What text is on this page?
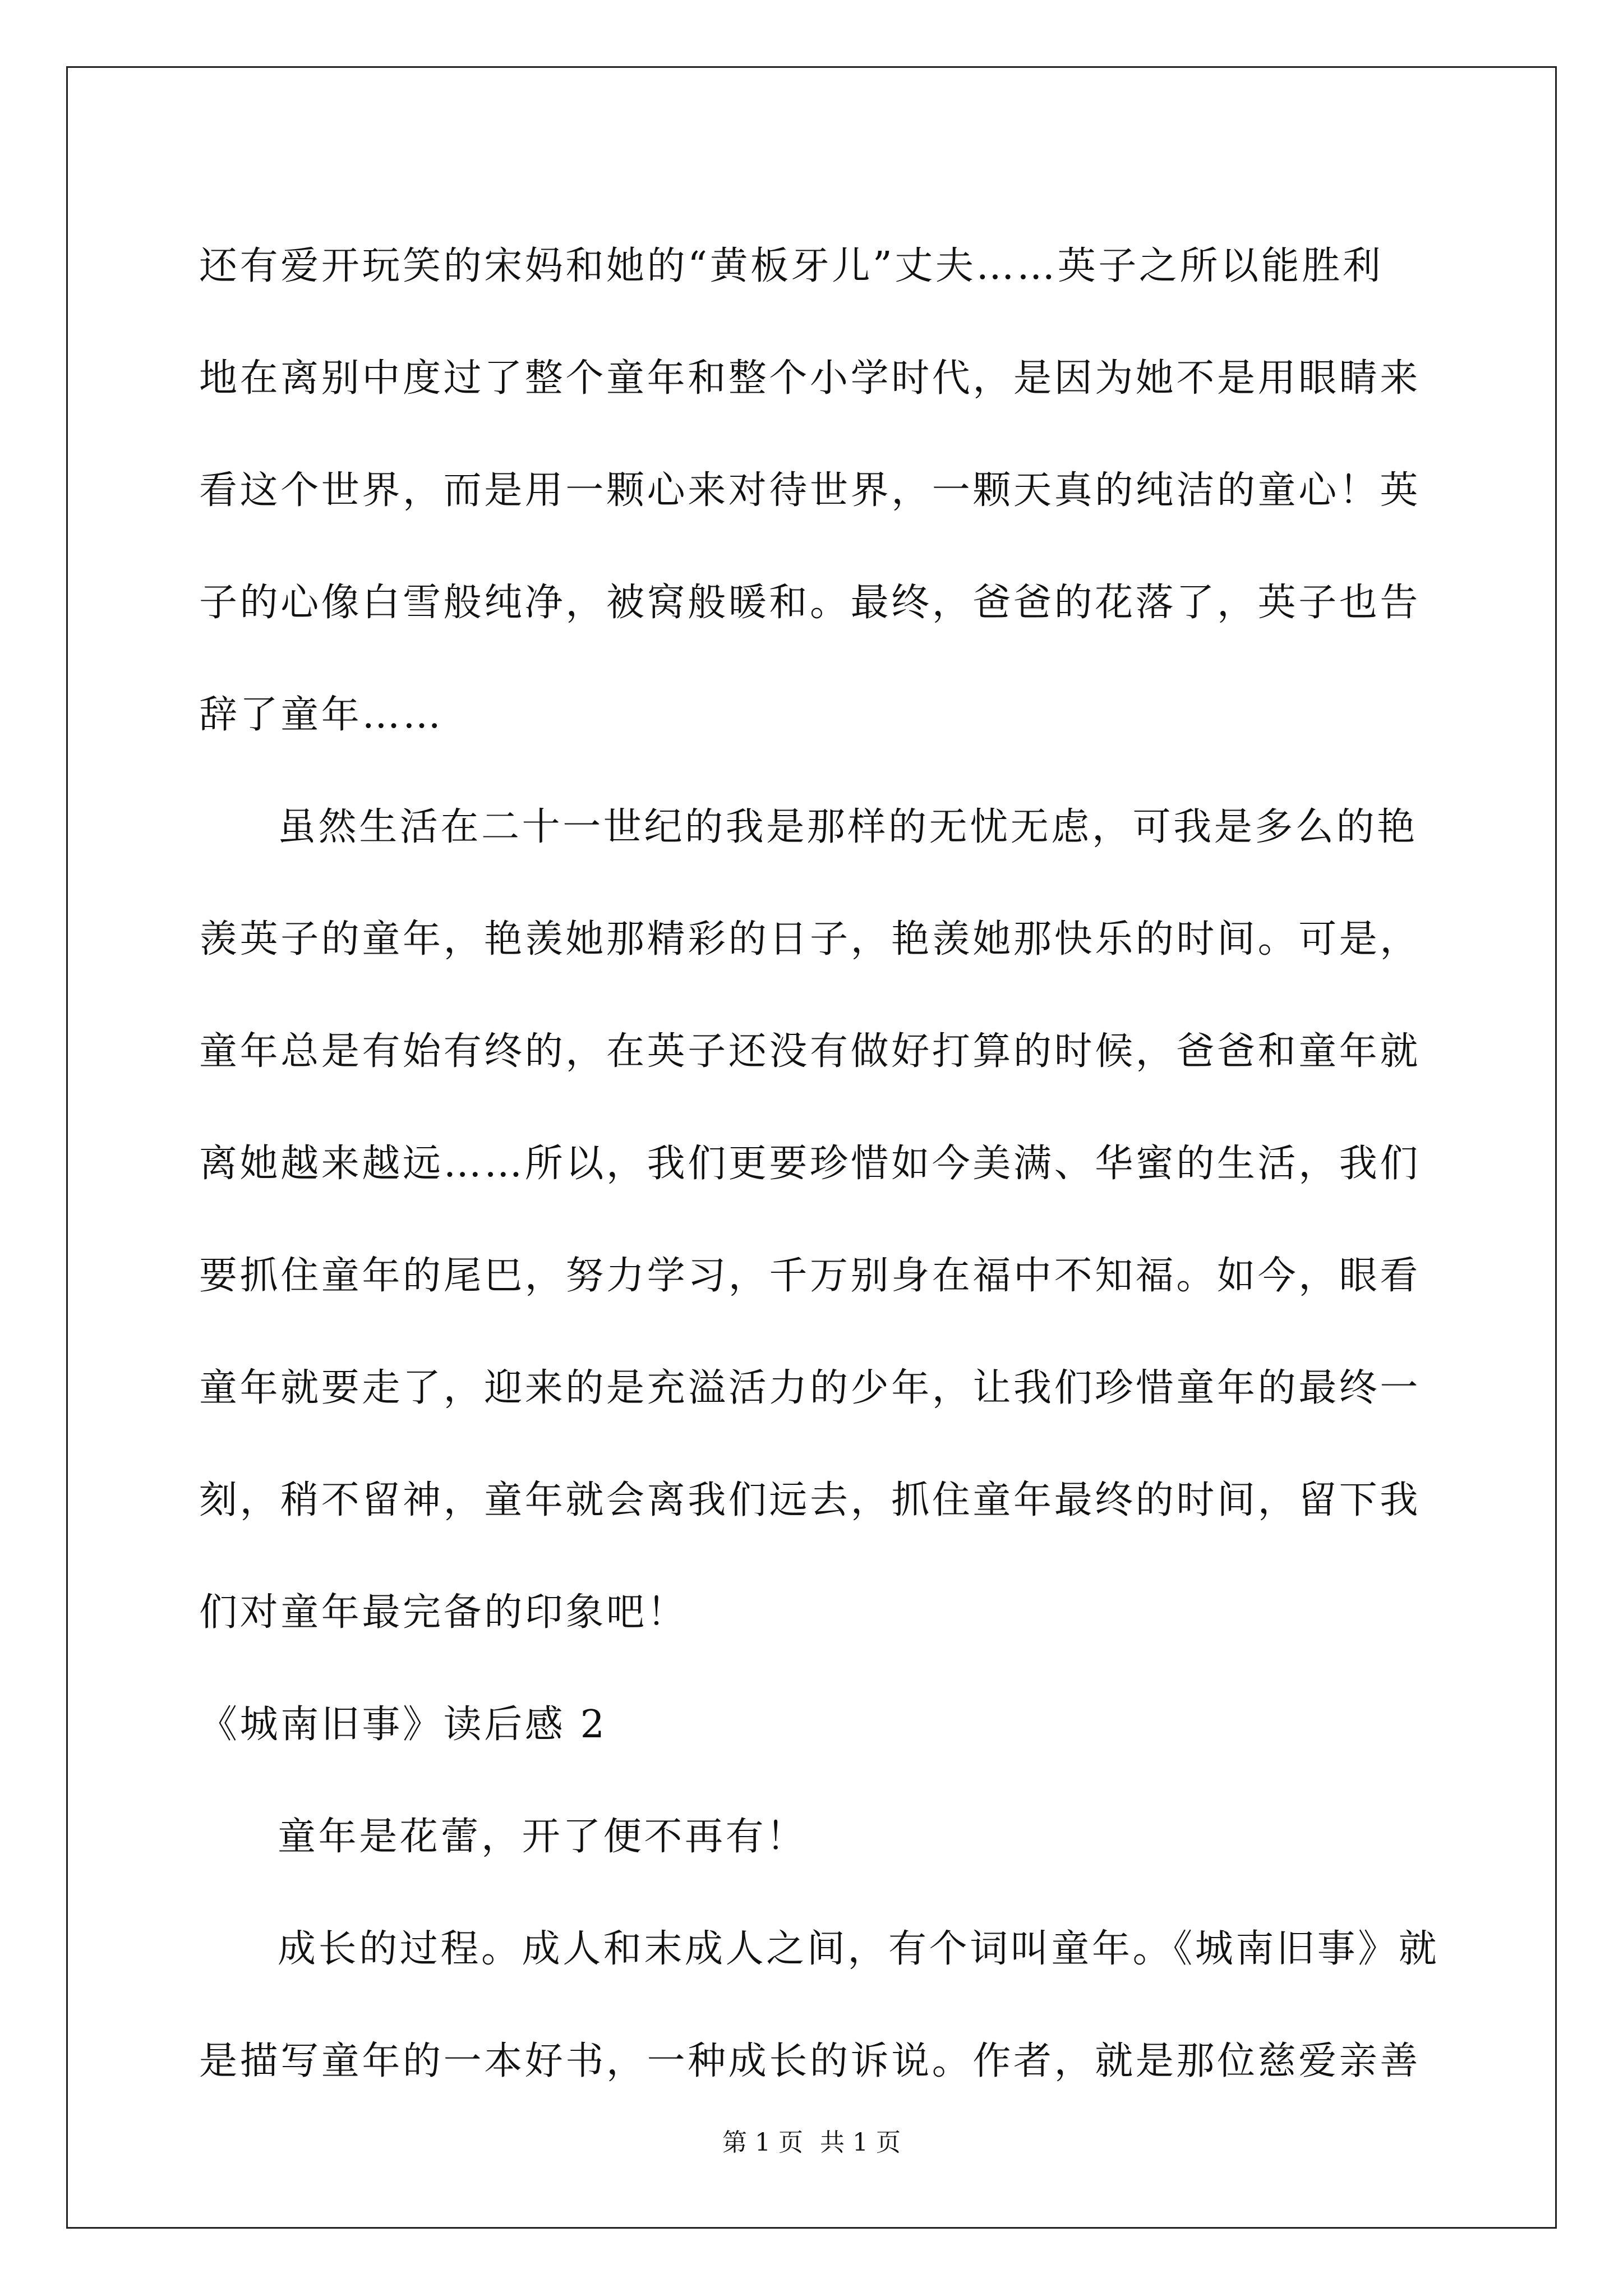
还有爱开玩笑的宋妈和她的“黄板牙儿”丈夫……英子之所以能胜利
地在离别中度过了整个童年和整个小学时代，是因为她不是用眼睛来
看这个世界，而是用一颗心来对待世界，一颗天真的纯洁的童心！英
子的心像白雪般纯净，被窝般暖和。最终，爸爸的花落了，英子也告
辞了童年……
虽然生活在二十一世纪的我是那样的无忧无虑，可我是多么的艳
羡英子的童年，艳羡她那精彩的日子，艳羡她那快乐的时间。可是，
童年总是有始有终的，在英子还没有做好打算的时候，爸爸和童年就
离她越来越远……所以，我们更要珍惜如今美满、华蜜的生活，我们
要抓住童年的尾巴，努力学习，千万别身在福中不知福。如今，眼看
童年就要走了，迎来的是充溢活力的少年，让我们珍惜童年的最终一
刻，稍不留神，童年就会离我们远去，抓住童年最终的时间，留下我
们对童年最完备的印象吧！
《城南旧事》读后感 2
童年是花蕾，开了便不再有！
成长的过程。成人和末成人之间，有个词叫童年。《城南旧事》就
是描写童年的一本好书，一种成长的诉说。作者，就是那位慈爱亲善
第 1 页 共 1 页
